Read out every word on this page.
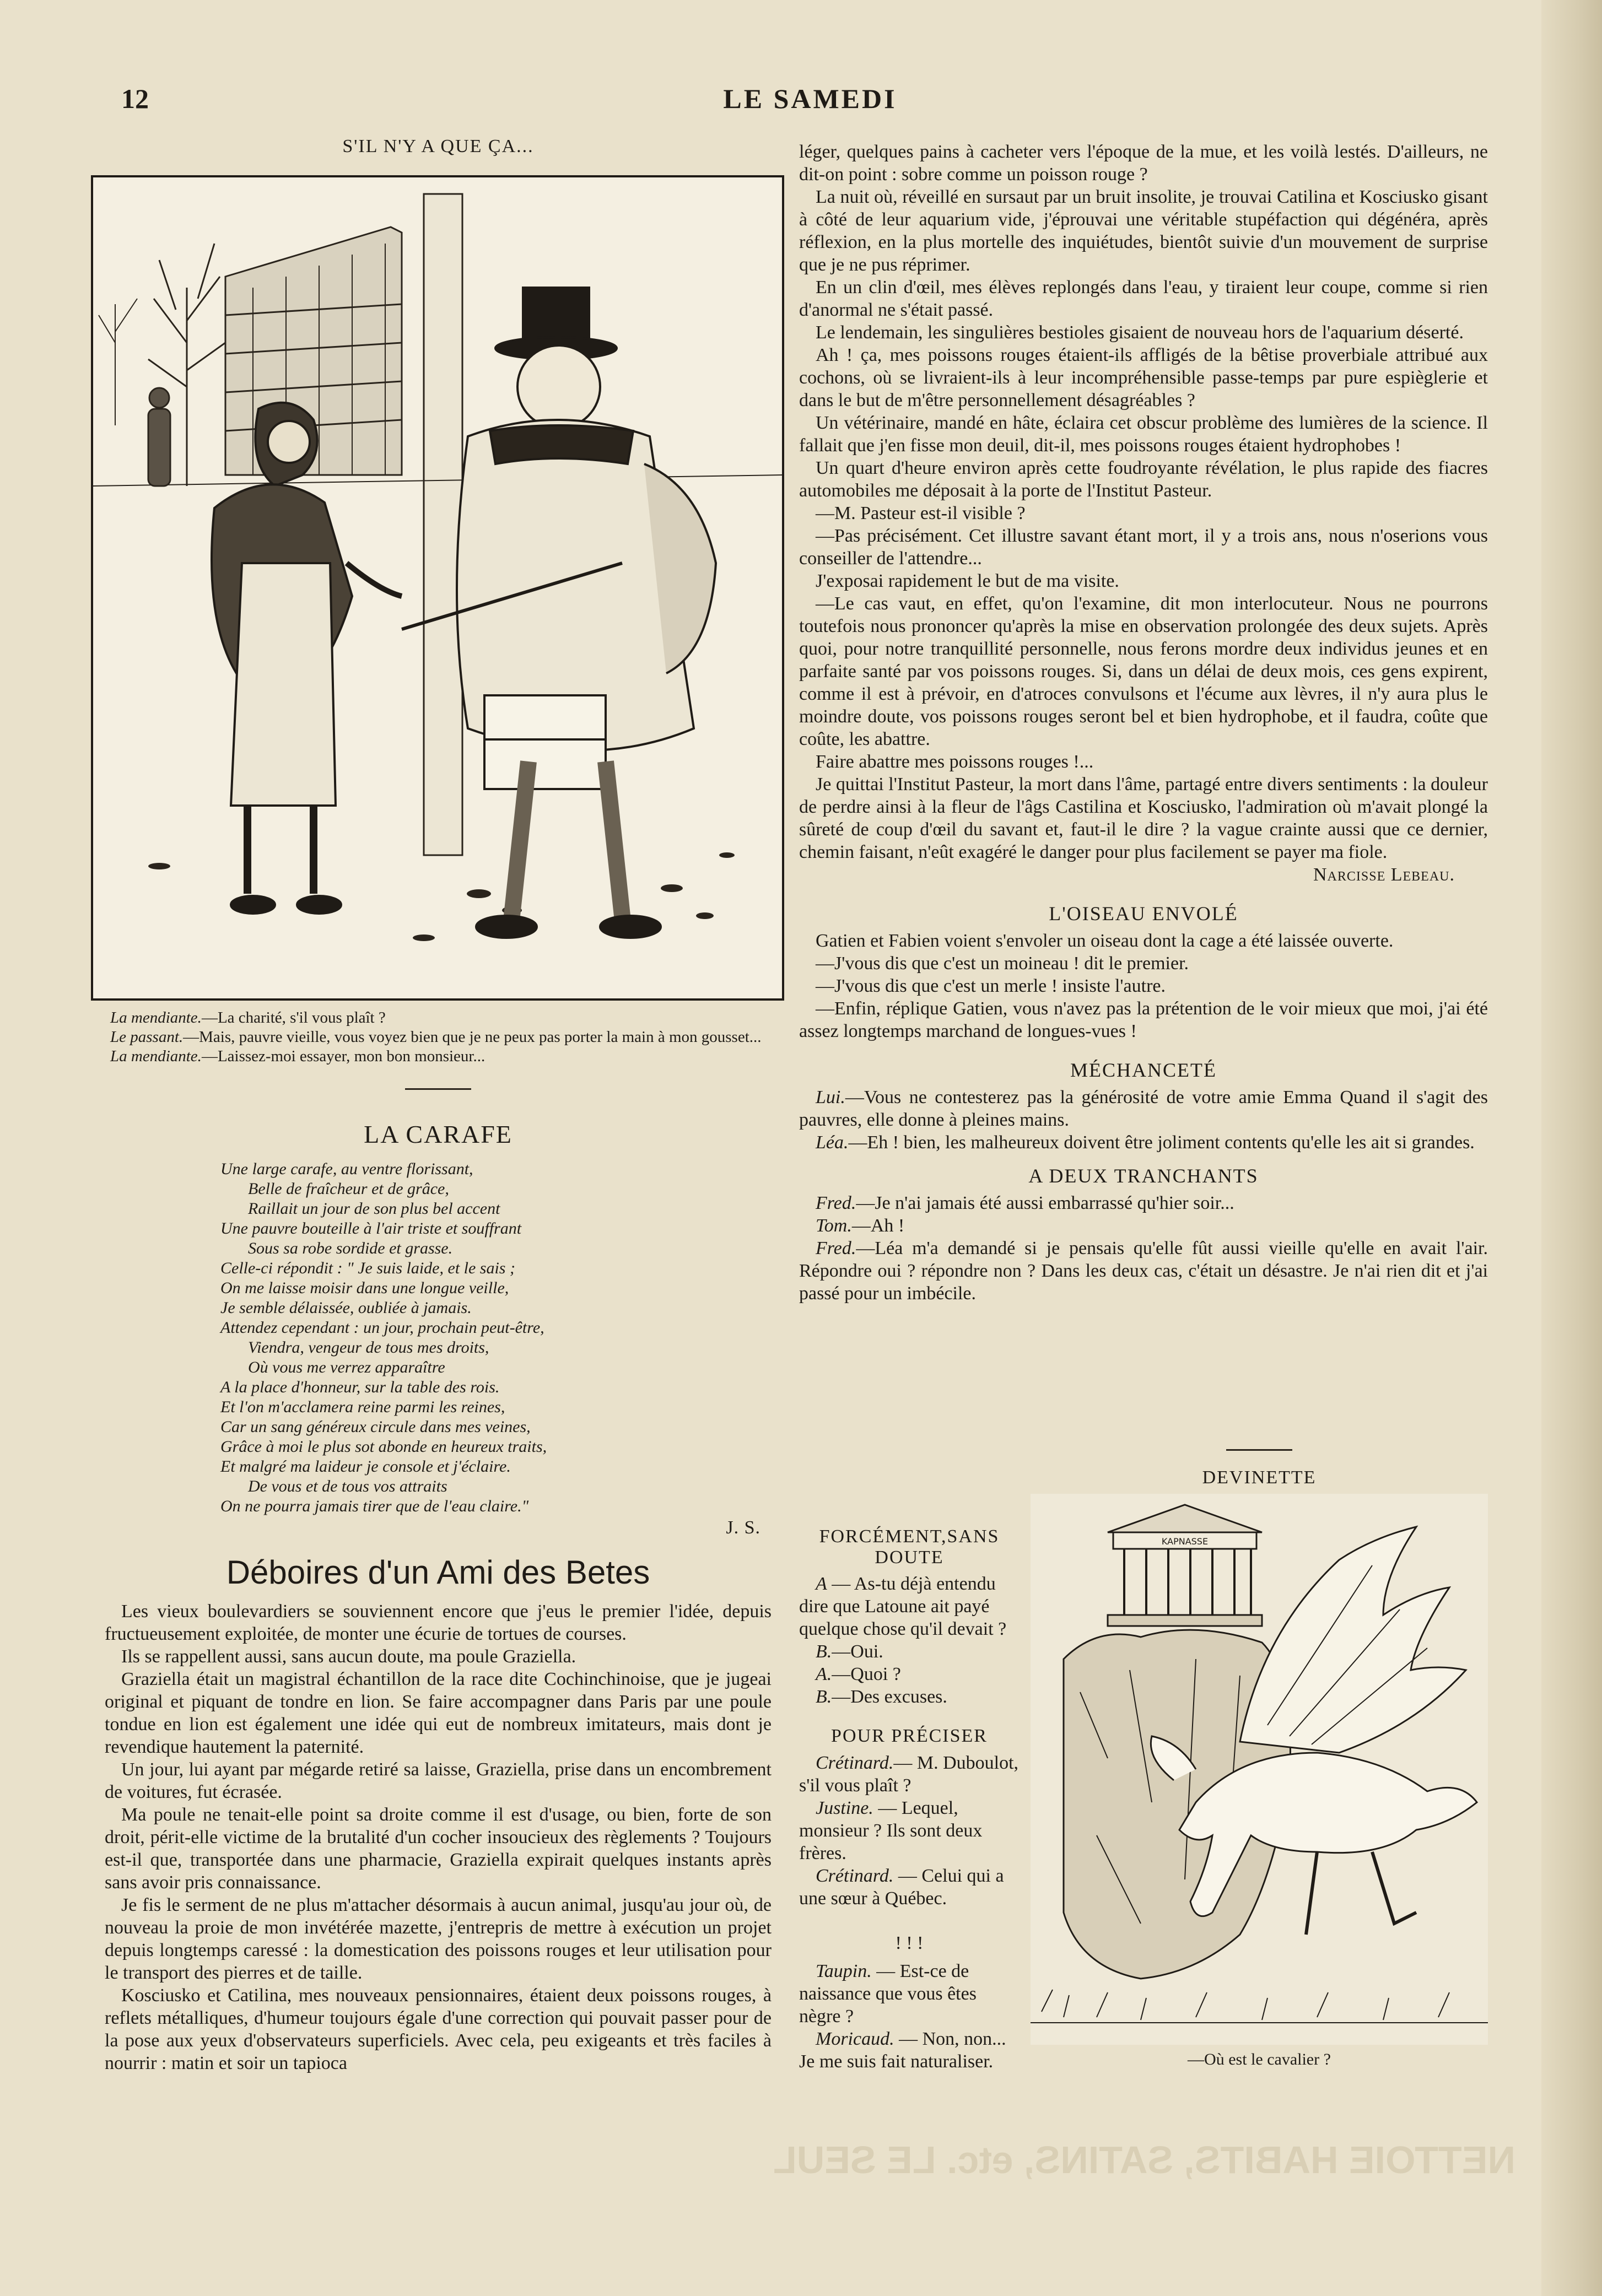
NETTOIE HABITS, SATINS, etc. LE SEUL
12	LE SAMEDI
S'IL N'Y A QUE ÇA...
La mendiante.—La charité, s'il vous plaît ?
Le passant.—Mais, pauvre vieille, vous voyez bien que je ne peux pas porter la main à mon gousset...
La mendiante.—Laissez-moi essayer, mon bon monsieur...
LA CARAFE
Une large carafe, au ventre florissant,
Belle de fraîcheur et de grâce,
Raillait un jour de son plus bel accent
Une pauvre bouteille à l'air triste et souffrant
Sous sa robe sordide et grasse.
Celle-ci répondit : " Je suis laide, et le sais ;
On me laisse moisir dans une longue veille,
Je semble délaissée, oubliée à jamais.
Attendez cependant : un jour, prochain peut-être,
Viendra, vengeur de tous mes droits,
Où vous me verrez apparaître
A la place d'honneur, sur la table des rois.
Et l'on m'acclamera reine parmi les reines,
Car un sang généreux circule dans mes veines,
Grâce à moi le plus sot abonde en heureux traits,
Et malgré ma laideur je console et j'éclaire.
De vous et de tous vos attraits
On ne pourra jamais tirer que de l'eau claire."
J. S.
Déboires d'un Ami des Betes

Les vieux boulevardiers se souviennent encore que j'eus le premier l'idée, depuis fructueusement exploitée, de monter une écurie de tortues de courses.

Ils se rappellent aussi, sans aucun doute, ma poule Graziella.

Graziella était un magistral échantillon de la race dite Cochinchinoise, que je jugeai original et piquant de tondre en lion. Se faire accompagner dans Paris par une poule tondue en lion est également une idée qui eut de nombreux imitateurs, mais dont je revendique hautement la paternité.

Un jour, lui ayant par mégarde retiré sa laisse, Graziella, prise dans un encombrement de voitures, fut écrasée.

Ma poule ne tenait-elle point sa droite comme il est d'usage, ou bien, forte de son droit, périt-elle victime de la brutalité d'un cocher insoucieux des règlements ? Toujours est-il que, transportée dans une pharmacie, Graziella expirait quelques instants après sans avoir pris connaissance.

Je fis le serment de ne plus m'attacher désormais à aucun animal, jusqu'au jour où, de nouveau la proie de mon invétérée mazette, j'entrepris de mettre à exécution un projet depuis longtemps caressé : la domestication des poissons rouges et leur utilisation pour le transport des pierres et de taille.

Kosciusko et Catilina, mes nouveaux pensionnaires, étaient deux poissons rouges, à reflets métalliques, d'humeur toujours égale d'une correction qui pouvait passer pour de la pose aux yeux d'observateurs superficiels. Avec cela, peu exigeants et très faciles à nourrir : matin et soir un tapioca

léger, quelques pains à cacheter vers l'époque de la mue, et les voilà lestés. D'ailleurs, ne dit-on point : sobre comme un poisson rouge ?

La nuit où, réveillé en sursaut par un bruit insolite, je trouvai Catilina et Kosciusko gisant à côté de leur aquarium vide, j'éprouvai une véritable stupéfaction qui dégénéra, après réflexion, en la plus mortelle des inquiétudes, bientôt suivie d'un mouvement de surprise que je ne pus réprimer.

En un clin d'œil, mes élèves replongés dans l'eau, y tiraient leur coupe, comme si rien d'anormal ne s'était passé.

Le lendemain, les singulières bestioles gisaient de nouveau hors de l'aquarium déserté.

Ah ! ça, mes poissons rouges étaient-ils affligés de la bêtise proverbiale attribué aux cochons, où se livraient-ils à leur incompréhensible passe-temps par pure espièglerie et dans le but de m'être personnellement désagréables ?

Un vétérinaire, mandé en hâte, éclaira cet obscur problème des lumières de la science. Il fallait que j'en fisse mon deuil, dit-il, mes poissons rouges étaient hydrophobes !

Un quart d'heure environ après cette foudroyante révélation, le plus rapide des fiacres automobiles me déposait à la porte de l'Institut Pasteur.

—M. Pasteur est-il visible ?

—Pas précisément. Cet illustre savant étant mort, il y a trois ans, nous n'oserions vous conseiller de l'attendre...

J'exposai rapidement le but de ma visite.

—Le cas vaut, en effet, qu'on l'examine, dit mon interlocuteur. Nous ne pourrons toutefois nous prononcer qu'après la mise en observation prolongée des deux sujets. Après quoi, pour notre tranquillité personnelle, nous ferons mordre deux individus jeunes et en parfaite santé par vos poissons rouges. Si, dans un délai de deux mois, ces gens expirent, comme il est à prévoir, en d'atroces convulsons et l'écume aux lèvres, il n'y aura plus le moindre doute, vos poissons rouges seront bel et bien hydrophobe, et il faudra, coûte que coûte, les abattre.

Faire abattre mes poissons rouges !...

Je quittai l'Institut Pasteur, la mort dans l'âme, partagé entre divers sentiments : la douleur de perdre ainsi à la fleur de l'âgs Castilina et Kosciusko, l'admiration où m'avait plongé la sûreté de coup d'œil du savant et, faut-il le dire ? la vague crainte aussi que ce dernier, chemin faisant, n'eût exagéré le danger pour plus facilement se payer ma fiole.

Narcisse Lebeau.
L'OISEAU ENVOLÉ

Gatien et Fabien voient s'envoler un oiseau dont la cage a été laissée ouverte.

—J'vous dis que c'est un moineau ! dit le premier.

—J'vous dis que c'est un merle ! insiste l'autre.

—Enfin, réplique Gatien, vous n'avez pas la prétention de le voir mieux que moi, j'ai été assez longtemps marchand de longues-vues !

MÉCHANCETÉ

Lui.—Vous ne contesterez pas la générosité de votre amie Emma Quand il s'agit des pauvres, elle donne à pleines mains.

Léa.—Eh ! bien, les malheureux doivent être joliment contents qu'elle les ait si grandes.

A DEUX TRANCHANTS

Fred.—Je n'ai jamais été aussi embarrassé qu'hier soir...

Tom.—Ah !

Fred.—Léa m'a demandé si je pensais qu'elle fût aussi vieille qu'elle en avait l'air. Répondre oui ? répondre non ? Dans les deux cas, c'était un désastre. Je n'ai rien dit et j'ai passé pour un imbécile.

FORCÉMENT,SANS DOUTE

A — As-tu déjà entendu dire que Latoune ait payé quelque chose qu'il devait ?

B.—Oui.

A.—Quoi ?

B.—Des excuses.

POUR PRÉCISER

Crétinard.— M. Duboulot, s'il vous plaît ?

Justine. — Lequel, monsieur ? Ils sont deux frères.

Crétinard. — Celui qui a une sœur à Québec.

! ! !

Taupin. — Est-ce de naissance que vous êtes nègre ?

Moricaud. — Non, non... Je me suis fait naturaliser.

DEVINETTE
KAPNASSE
—Où est le cavalier ?
